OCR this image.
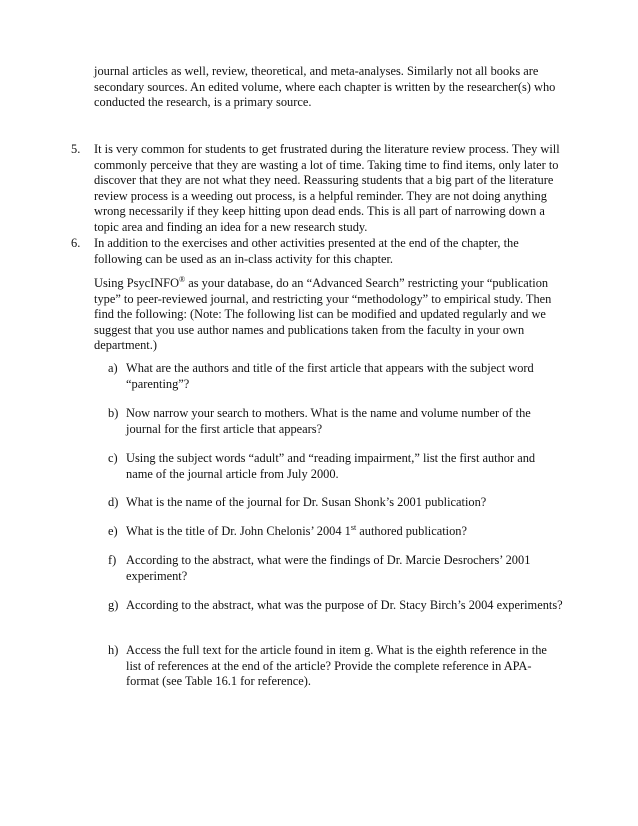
journal articles as well, review, theoretical, and meta-analyses. Similarly not all books are secondary sources. An edited volume, where each chapter is written by the researcher(s) who conducted the research, is a primary source.

5.	It is very common for students to get frustrated during the literature review process. They will commonly perceive that they are wasting a lot of time. Taking time to find items, only later to discover that they are not what they need. Reassuring students that a big part of the literature review process is a weeding out process, is a helpful reminder. They are not doing anything wrong necessarily if they keep hitting upon dead ends. This is all part of narrowing down a topic area and finding an idea for a new research study.

6.	In addition to the exercises and other activities presented at the end of the chapter, the following can be used as an in-class activity for this chapter.

Using PsycINFO® as your database, do an “Advanced Search” restricting your “publication type” to peer-reviewed journal, and restricting your “methodology” to empirical study. Then find the following: (Note: The following list can be modified and updated regularly and we suggest that you use author names and publications taken from the faculty in your own department.)

a) What are the authors and title of the first article that appears with the subject word “parenting”?

b) Now narrow your search to mothers. What is the name and volume number of the journal for the first article that appears?

c) Using the subject words “adult” and “reading impairment,” list the first author and name of the journal article from July 2000.

d) What is the name of the journal for Dr. Susan Shonk’s 2001 publication?

e) What is the title of Dr. John Chelonis’ 2004 1st authored publication?

f) According to the abstract, what were the findings of Dr. Marcie Desrochers’ 2001 experiment?

g) According to the abstract, what was the purpose of Dr. Stacy Birch’s 2004 experiments?

h) Access the full text for the article found in item g. What is the eighth reference in the list of references at the end of the article? Provide the complete reference in APA-format (see Table 16.1 for reference).
